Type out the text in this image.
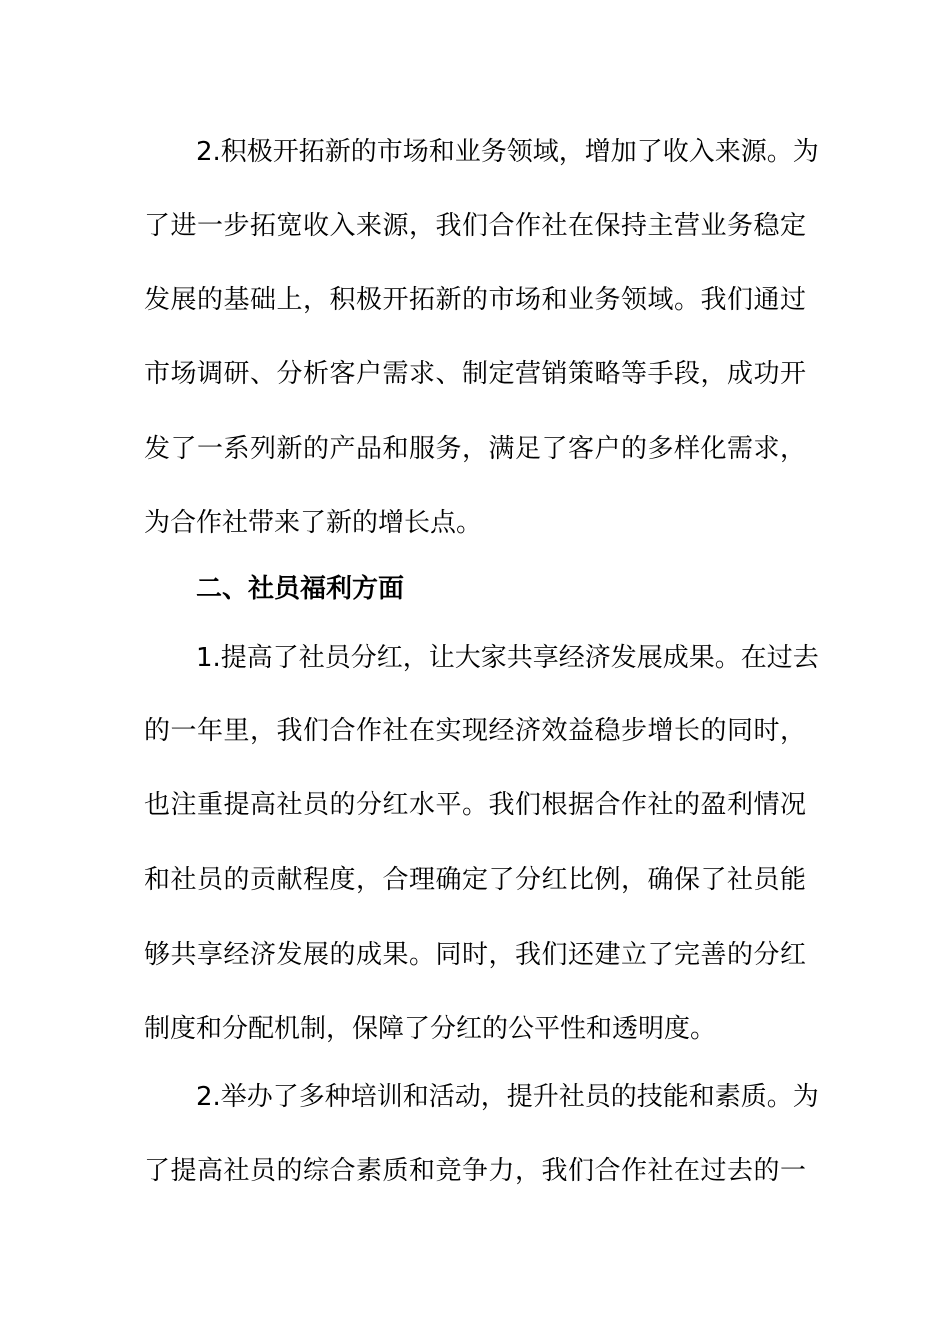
2.积极开拓新的市场和业务领域，增加了收入来源。为
了进一步拓宽收入来源，我们合作社在保持主营业务稳定
发展的基础上，积极开拓新的市场和业务领域。我们通过
市场调研、分析客户需求、制定营销策略等手段，成功开
发了一系列新的产品和服务，满足了客户的多样化需求，
为合作社带来了新的增长点。
二、社员福利方面
1.提高了社员分红，让大家共享经济发展成果。在过去
的一年里，我们合作社在实现经济效益稳步增长的同时，
也注重提高社员的分红水平。我们根据合作社的盈利情况
和社员的贡献程度，合理确定了分红比例，确保了社员能
够共享经济发展的成果。同时，我们还建立了完善的分红
制度和分配机制，保障了分红的公平性和透明度。
2.举办了多种培训和活动，提升社员的技能和素质。为
了提高社员的综合素质和竞争力，我们合作社在过去的一
